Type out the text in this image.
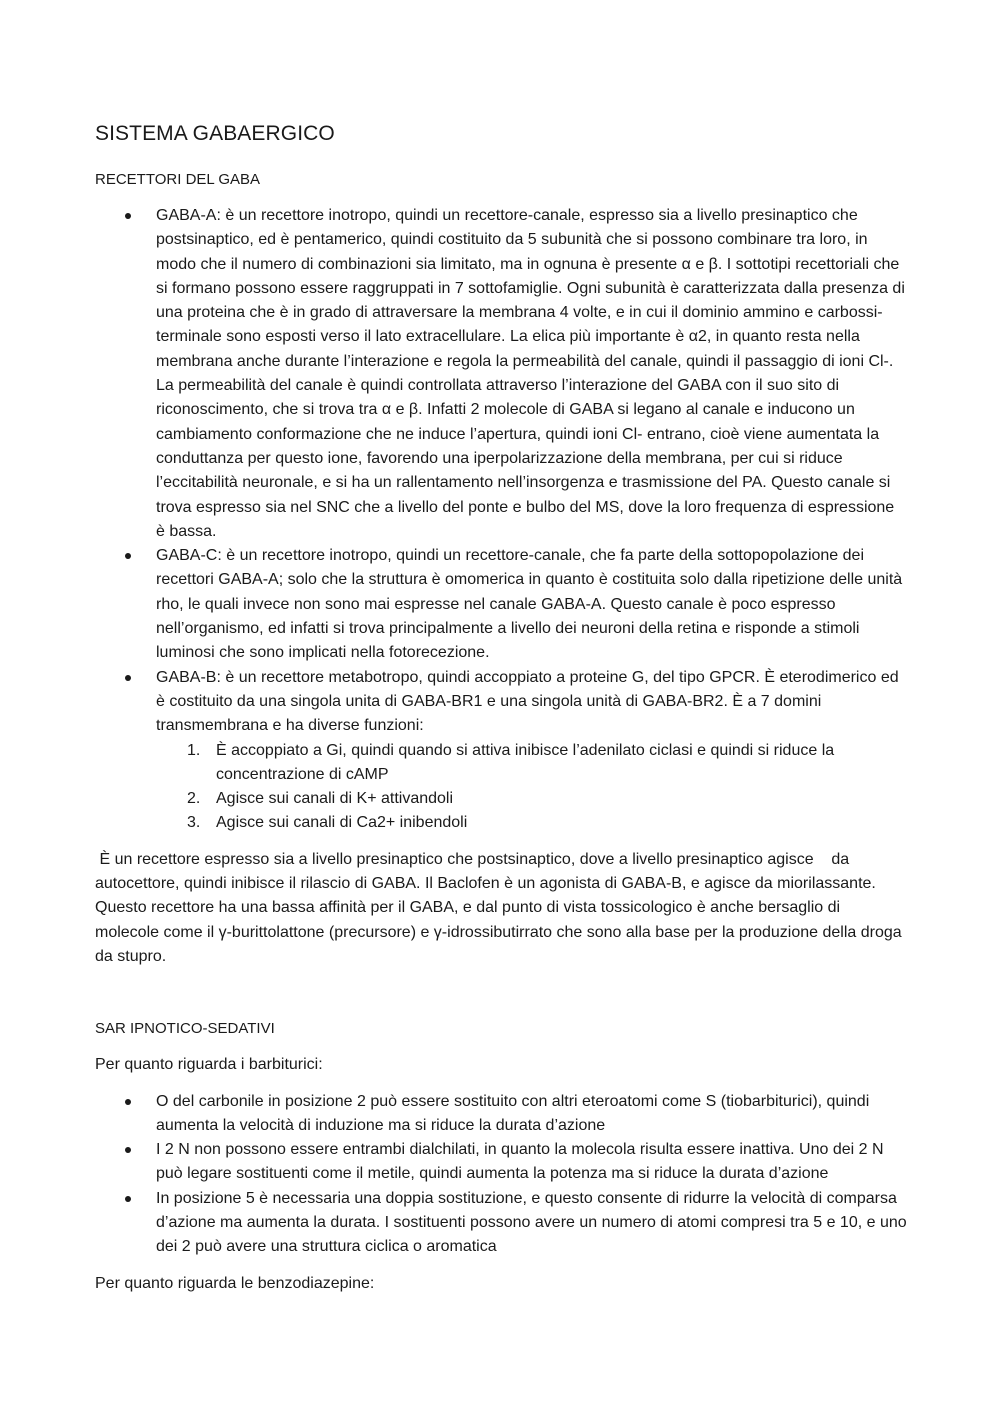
SISTEMA GABAERGICO
RECETTORI DEL GABA
GABA-A: è un recettore inotropo, quindi un recettore-canale, espresso sia a livello presinaptico che postsinaptico, ed è pentamerico, quindi costituito da 5 subunità che si possono combinare tra loro, in modo che il numero di combinazioni sia limitato, ma in ognuna è presente α e β. I sottotipi recettoriali che si formano possono essere raggruppati in 7 sottofamiglie. Ogni subunità è caratterizzata dalla presenza di una proteina che è in grado di attraversare la membrana 4 volte, e in cui il dominio ammino e carbossi-terminale sono esposti verso il lato extracellulare. La elica più importante è α2, in quanto resta nella membrana anche durante l’interazione e regola la permeabilità del canale, quindi il passaggio di ioni Cl-. La permeabilità del canale è quindi controllata attraverso l’interazione del GABA con il suo sito di riconoscimento, che si trova tra α e β. Infatti 2 molecole di GABA si legano al canale e inducono un cambiamento conformazione che ne induce l’apertura, quindi ioni Cl- entrano, cioè viene aumentata la conduttanza per questo ione, favorendo una iperpolarizzazione della membrana, per cui si riduce l’eccitabilità neuronale, e si ha un rallentamento nell’insorgenza e trasmissione del PA. Questo canale si trova espresso sia nel SNC che a livello del ponte e bulbo del MS, dove la loro frequenza di espressione è bassa.
GABA-C: è un recettore inotropo, quindi un recettore-canale, che fa parte della sottopopolazione dei recettori GABA-A; solo che la struttura è omomerica in quanto è costituita solo dalla ripetizione delle unità rho, le quali invece non sono mai espresse nel canale GABA-A. Questo canale è poco espresso nell’organismo, ed infatti si trova principalmente a livello dei neuroni della retina e risponde a stimoli luminosi che sono implicati nella fotorecezione.
GABA-B: è un recettore metabotropo, quindi accoppiato a proteine G, del tipo GPCR. È eterodimerico ed è costituito da una singola unita di GABA-BR1 e una singola unità di GABA-BR2. È a 7 domini transmembrana e ha diverse funzioni:
1. È accoppiato a Gi, quindi quando si attiva inibisce l’adenilato ciclasi e quindi si riduce la concentrazione di cAMP
2. Agisce sui canali di K+ attivandoli
3. Agisce sui canali di Ca2+ inibendoli

È un recettore espresso sia a livello presinaptico che postsinaptico, dove a livello presinaptico agisce    da autocettore, quindi inibisce il rilascio di GABA. Il Baclofen è un agonista di GABA-B, e agisce da miorilassante. Questo recettore ha una bassa affinità per il GABA, e dal punto di vista tossicologico è anche bersaglio di molecole come il γ-burittolattone (precursore) e γ-idrossibutirrato che sono alla base per la produzione della droga da stupro.

SAR IPNOTICO-SEDATIVI

Per quanto riguarda i barbiturici:

O del carbonile in posizione 2 può essere sostituito con altri eteroatomi come S (tiobarbiturici), quindi aumenta la velocità di induzione ma si riduce la durata d’azione
I 2 N non possono essere entrambi dialchilati, in quanto la molecola risulta essere inattiva. Uno dei 2 N può legare sostituenti come il metile, quindi aumenta la potenza ma si riduce la durata d’azione
In posizione 5 è necessaria una doppia sostituzione, e questo consente di ridurre la velocità di comparsa d’azione ma aumenta la durata. I sostituenti possono avere un numero di atomi compresi tra 5 e 10, e uno dei 2 può avere una struttura ciclica o aromatica

Per quanto riguarda le benzodiazepine:
